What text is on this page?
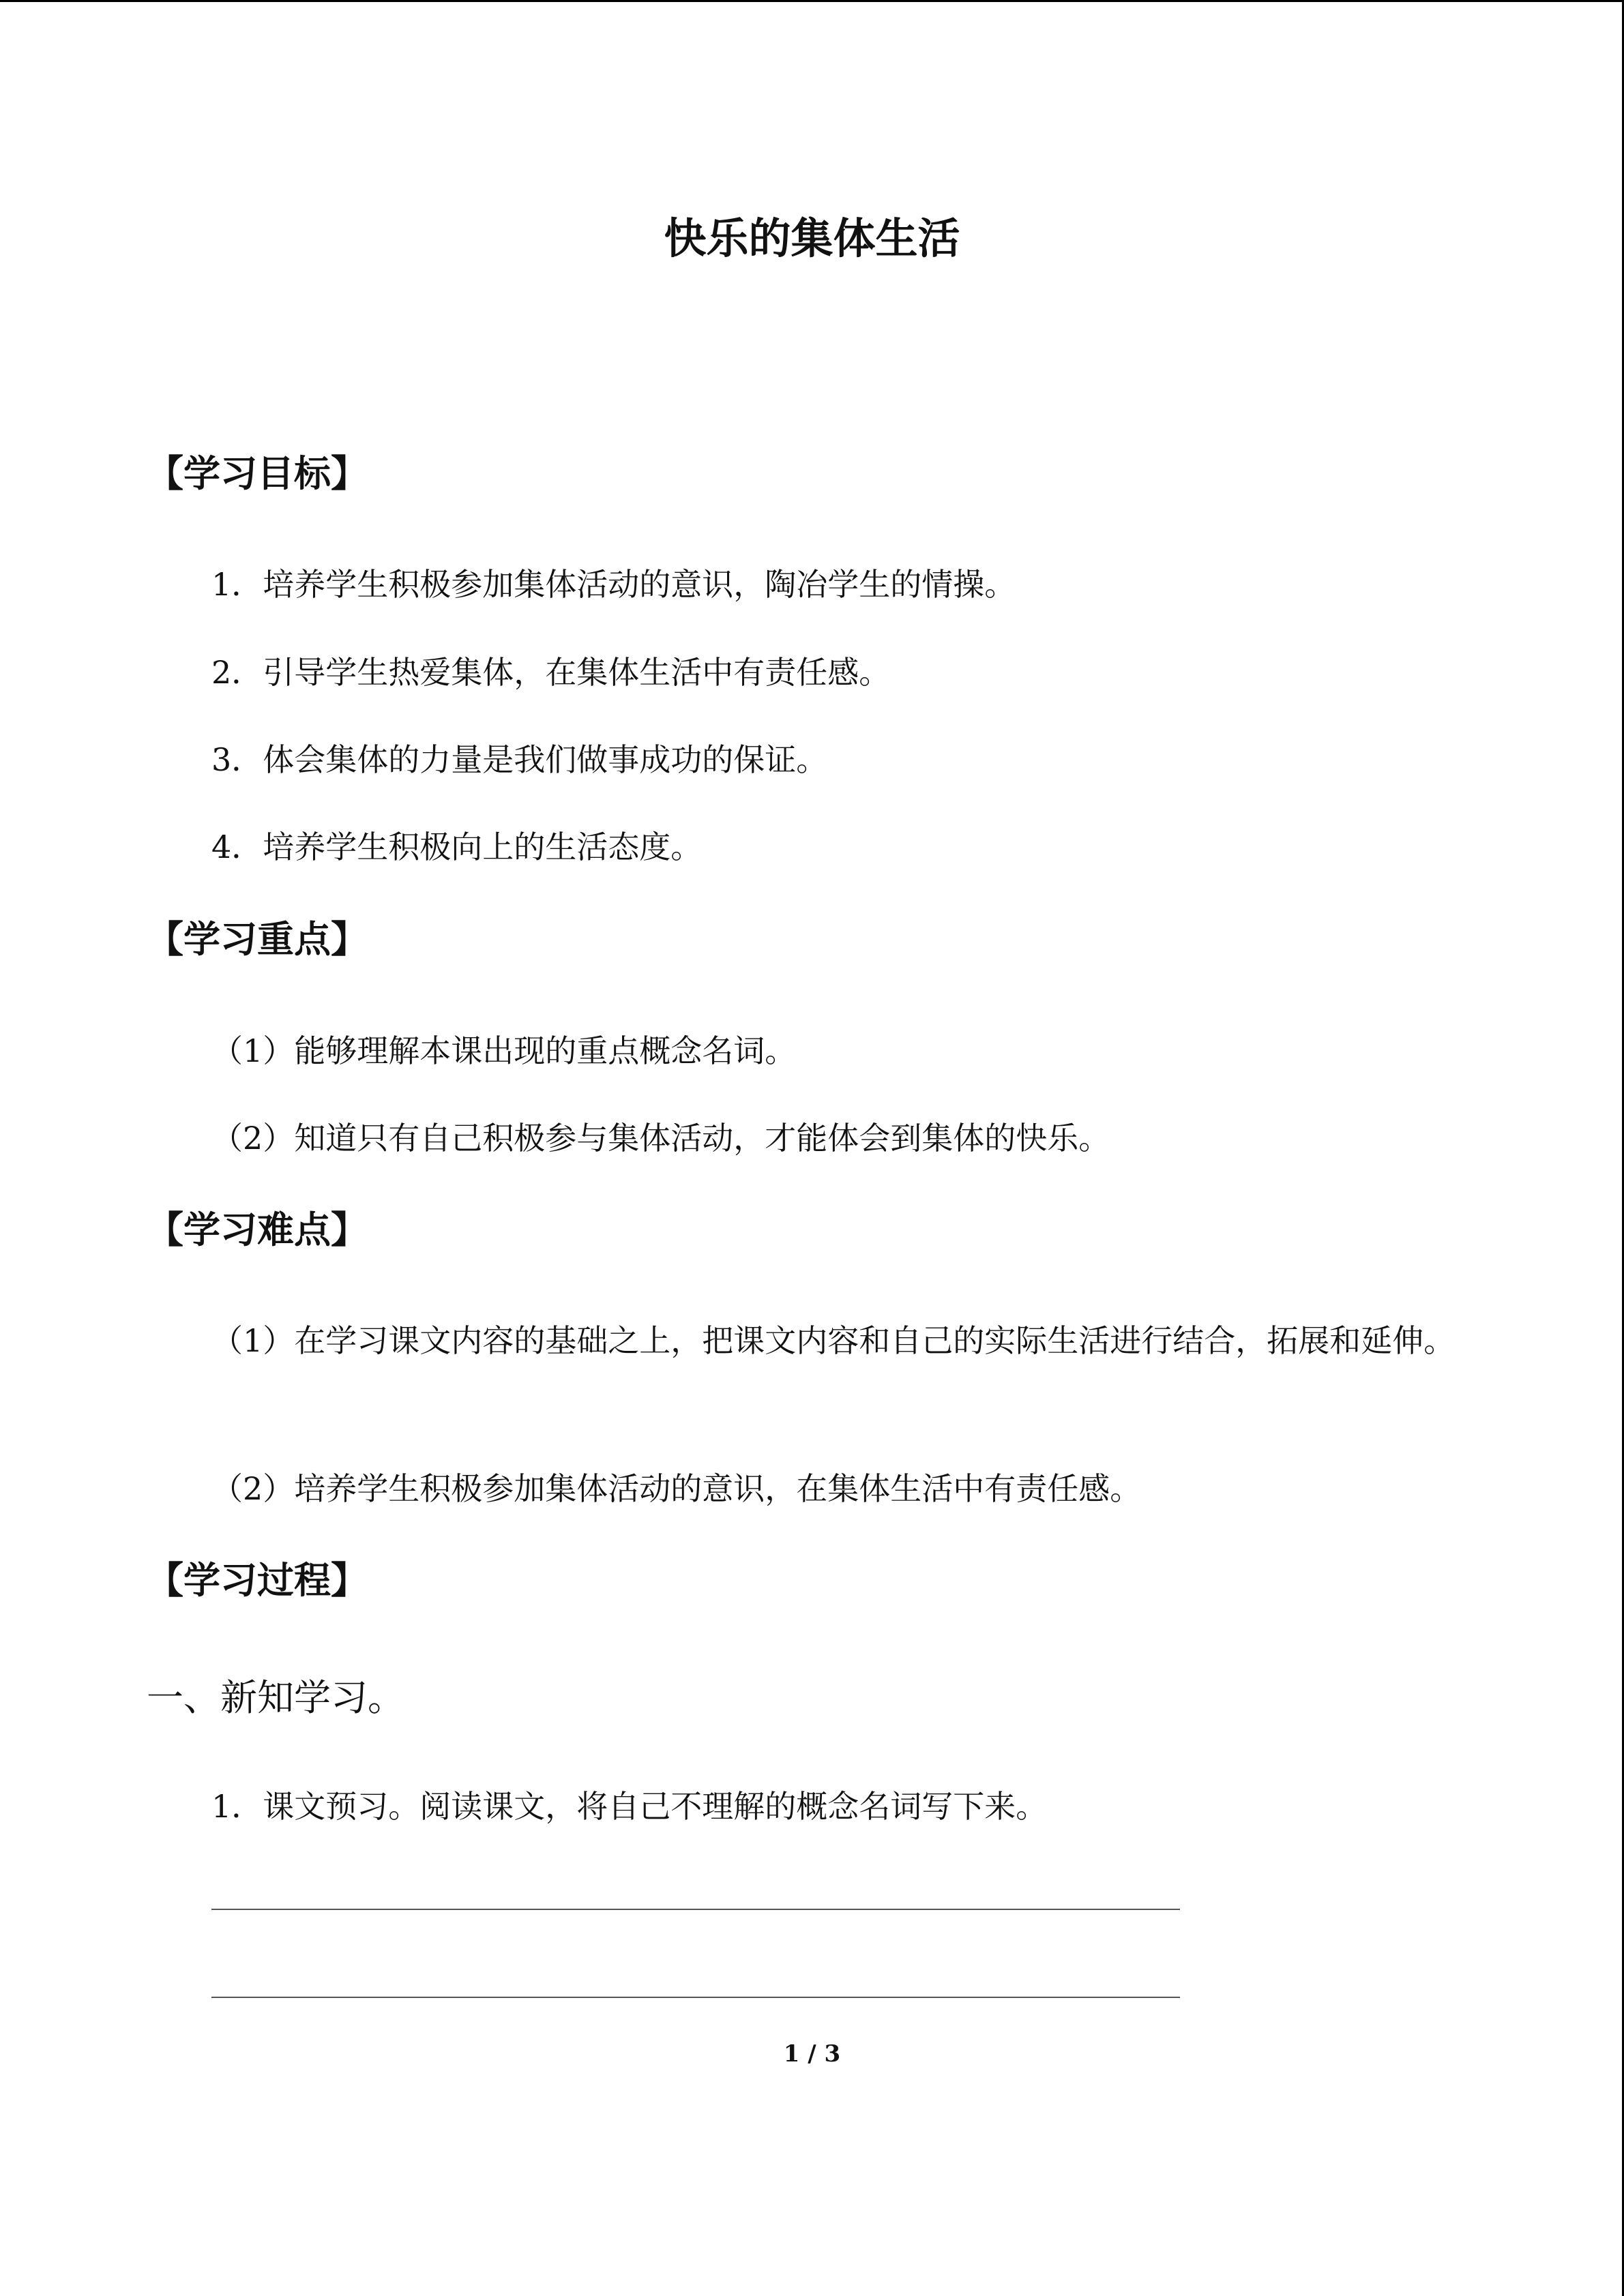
快乐的集体生活
【学习目标】
1．培养学生积极参加集体活动的意识，陶冶学生的情操。
2．引导学生热爱集体，在集体生活中有责任感。
3．体会集体的力量是我们做事成功的保证。
4．培养学生积极向上的生活态度。
【学习重点】
（1）能够理解本课出现的重点概念名词。
（2）知道只有自己积极参与集体活动，才能体会到集体的快乐。
【学习难点】
（1）在学习课文内容的基础之上，把课文内容和自己的实际生活进行结合，拓展和延伸。
（2）培养学生积极参加集体活动的意识，在集体生活中有责任感。
【学习过程】
一、新知学习。
1．课文预习。阅读课文，将自己不理解的概念名词写下来。
1 / 3
